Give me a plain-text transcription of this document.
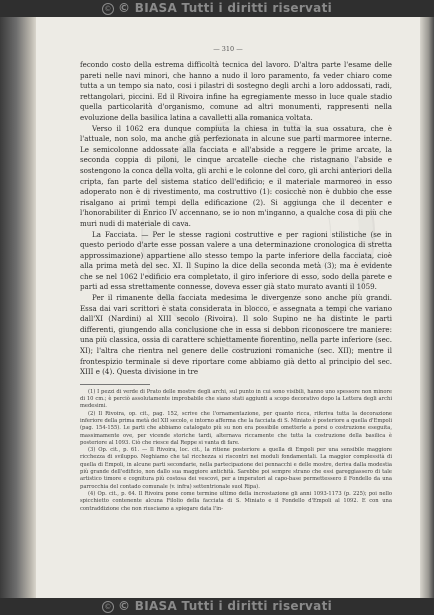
© © BIASA Tutti i diritti riservati
— 310 —

fecondo costo della estrema difficoltà tecnica del lavoro. D'altra parte l'esame delle pareti nelle navi minori, che hanno a nudo il loro paramento, fa veder chiaro come tutta a un tempo sia nato, cosi i pilastri di sostegno degli archi a loro addossati, radi, rettangolari, piccini. Ed il Rivoira infine ha egregiamente messo in luce quale stadio quella particolarità d'organismo, comune ad altri monumenti, rappresenti nella evoluzione della basilica latina a cavalletti alla romanica voltata.

Verso il 1062 era dunque compiuta la chiesa in tutta la sua ossatura, che è l'attuale, non solo, ma anche già perfezionata in alcune sue parti marmoree interne. Le semicolonne addossate alla facciata e all'abside a reggere le prime arcate, la seconda coppia di piloni, le cinque arcatelle cieche che ristagnano l'abside e sostengono la conca della volta, gli archi e le colonne del coro, gli archi anteriori della cripta, fan parte del sistema statico dell'edificio; e il materiale marmoreo in esso adoperato non è di rivestimento, ma costruttivo (1): cosicchè non è dubbio che esse risalgano ai primi tempi della edificazione (2). Si aggiunga che il decenter e l'honorabiliter di Enrico IV accennano, se io non m'inganno, a qualche cosa di più che muri nudi di materiale di cava.

La Facciata. — Per le stesse ragioni costruttive e per ragioni stilistiche (se in questo periodo d'arte esse possan valere a una determinazione cronologica di stretta approssimazione) appartiene allo stesso tempo la parte inferiore della facciata, cioè alla prima metà del sec. XI. Il Supino la dice della seconda metà (3); ma è evidente che se nel 1062 l'edificio era completato, il giro inferiore di esso, sodo della parete e parti ad essa strettamente connesse, doveva esser già stato murato avanti il 1059.

Per il rimanente della facciata medesima le divergenze sono anche più grandi. Essa dai vari scrittori è stata considerata in blocco, e assegnata a tempi che variano dall'XI (Nardini) al XIII secolo (Rivoira). Il solo Supino ne ha distinte le parti differenti, giungendo alla conclusione che in essa si debbon riconoscere tre maniere: una più classica, ossia di carattere schiettamente fiorentino, nella parte inferiore (sec. XI); l'altra che rientra nel genere delle costruzioni romaniche (sec. XII); mentre il frontespizio terminale si deve riportare come abbiamo già detto al principio del sec. XIII e (4). Questa divisione in tre

(1) I pezzi di verde di Prato delle mostre degli archi, sul punto in cui sono visibili, hanno uno spessore non minore di 10 cm.; è perciò assolutamente improbabile che siano stati aggiunti a scopo decorativo dopo la Lettera degli archi medesimi.

(2) Il Rivoira, op. cit., pag. 152, scrive che l'ornamentazione, per quanto ricca, riferiva tutta la decorazione inferiore della prima metà del XII secolo, e intorno afferma che la facciata di S. Miniato è posteriore a quella d'Empoli (pag. 154-155). Le parti che abbiamo catalogato più su non era possibile ometterle a porsi o costruzione eseguita, massimamente ove, per vicende storiche tardi, alternava riccamente che tutta la costruzione della basilica è posteriore al 1093. Ciò che riesce dal Reppe si vanta di fare.

(3) Op. cit., p. 61. — Il Rivoira, loc. cit., la ritiene posteriore a quella di Empoli per una sensibile maggiore ricchezza di sviluppo. Neghiamo che tal ricchezza si riscontri nei moduli fondamentali. La maggior complessità di quella di Empoli, in alcune parti secondarie, nella partecipazione dei pennacchi e delle mostre, deriva dalla modestia più grande dell'edificio, non dallo sua maggiore antichità. Sarebbe poi sempre strano che essi gareggiassero di tale artistico timore e cognitura più costosa dei vescovi, per a imperatori al capo-base permettessero il Fondello da una parrocchia del contado comunale (v. infra) settentrionale suol Ripa).

(4) Op. cit., p. 64. Il Rivoira pone come termine ultimo della incrostazione gli anni 1093-1173 (p. 225); poi nello spicchietto contenente alcuna Filolio della facciata di S. Miniato e il Fondello d'Empoli al 1092. E con una contraddizione che non riusciamo a spiegare data l'in-

© © BIASA Tutti i diritti riservati
